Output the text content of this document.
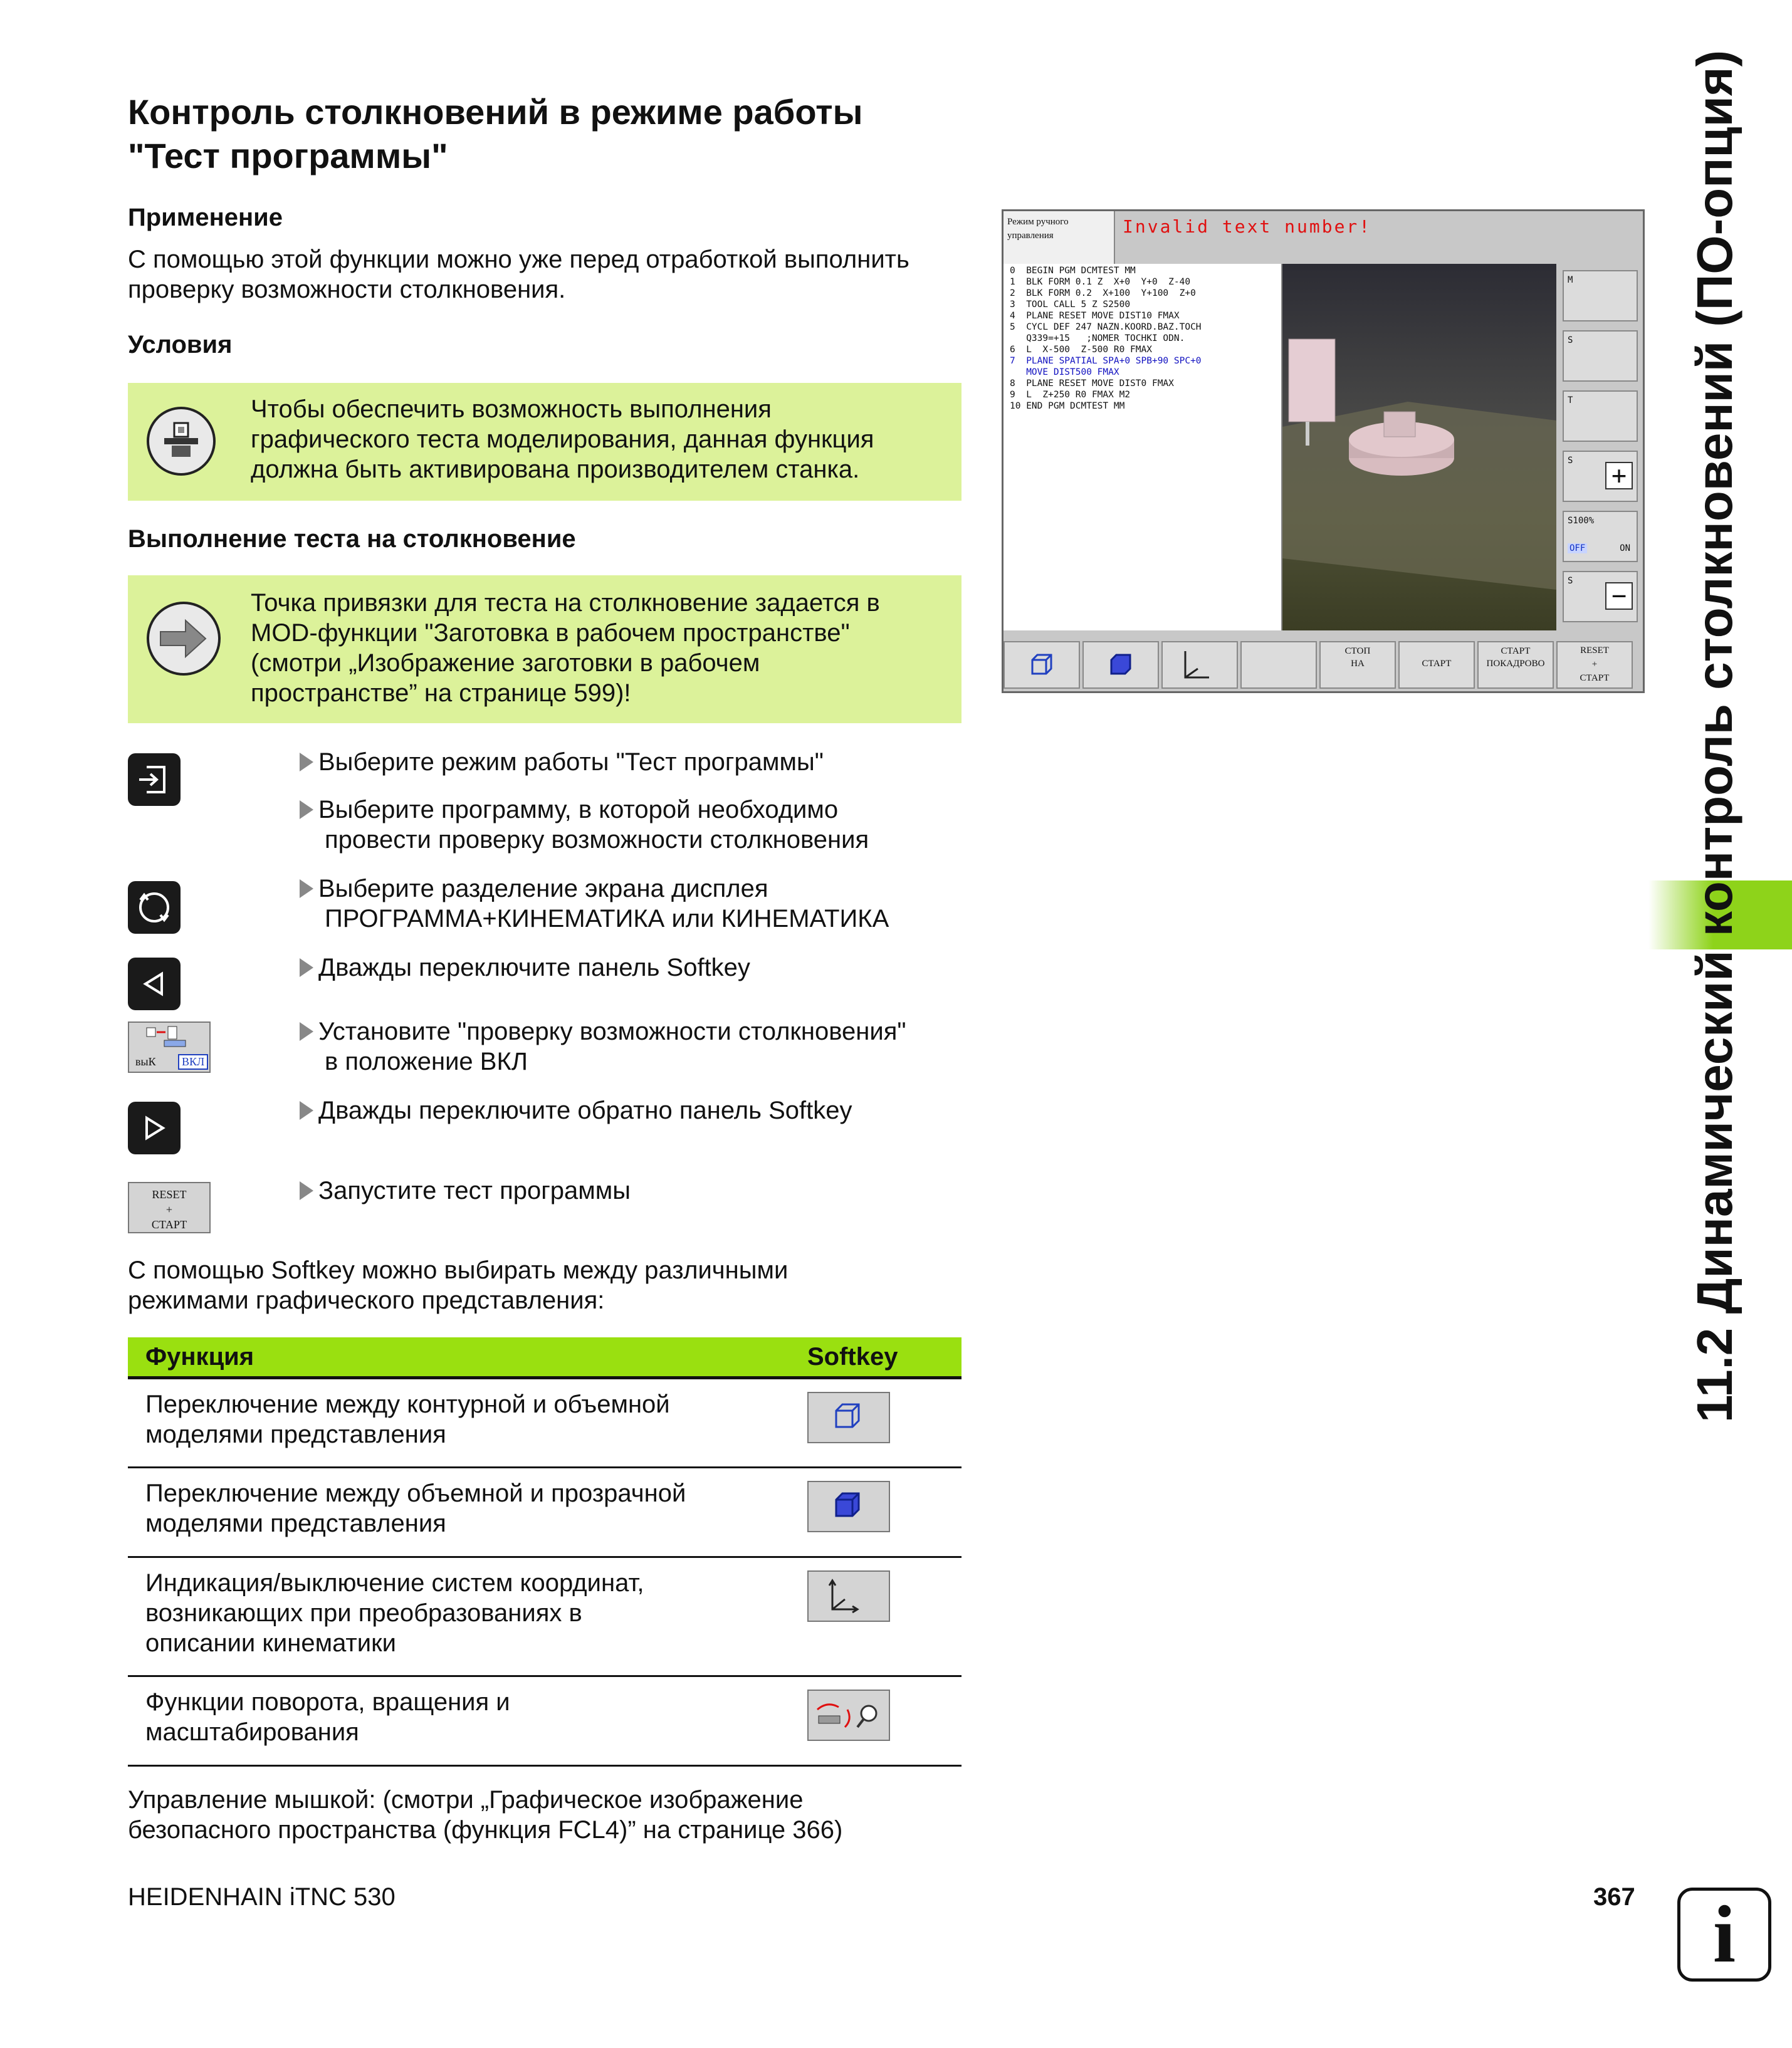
Контроль столкновений в режиме работы
"Тест программы"
Применение
С помощью этой функции можно уже перед отработкой выполнить
проверку возможности столкновения.
Условия
Чтобы обеспечить возможность выполнения
графического теста моделирования, данная функция
должна быть активирована производителем станка.
Выполнение теста на столкновение
Точка привязки для теста на столкновение задается в
MOD-функции "Заготовка в рабочем пространстве"
(смотри „Изображение заготовки в рабочем
пространстве” на странице 599)!
выК	ВКЛ
RESET
+
СТАРТ
Выберите режим работы "Тест программы"
Выберите программу, в которой необходимо
провести проверку возможности столкновения
Выберите разделение экрана дисплея
ПРОГРАММА+КИНЕМАТИКА или КИНЕМАТИКА
Дважды переключите панель Softkey
Установите "проверку возможности столкновения"
в положение ВКЛ
Дважды переключите обратно панель Softkey
Запустите тест программы
С помощью Softkey можно выбирать между различными
режимами графического представления:
Функция	Softkey
Переключение между контурной и объемной
моделями представления	

Переключение между объемной и прозрачной
моделями представления	

Индикация/выключение систем координат,
возникающих при преобразованиях в
описании кинематики	

Функции поворота, вращения и
масштабирования	
Управление мышкой: (смотри „Графическое изображение
безопасного пространства (функция FCL4)” на странице 366)
HEIDENHAIN iTNC 530	367
11.2 Динамический контроль столкновений (ПО-опция)
i
Режим ручного
управления	Invalid text number!
0  BEGIN PGM DCMTEST MM
1  BLK FORM 0.1 Z  X+0  Y+0  Z-40
2  BLK FORM 0.2  X+100  Y+100  Z+0
3  TOOL CALL 5 Z S2500
4  PLANE RESET MOVE DIST10 FMAX
5  CYCL DEF 247 NAZN.KOORD.BAZ.TOCH
Q339=+15   ;NOMER TOCHKI ODN.
6  L  X-500  Z-500 R0 FMAX
7  PLANE SPATIAL SPA+0 SPB+90 SPC+0
MOVE DIST500 FMAX
8  PLANE RESET MOVE DIST0 FMAX
9  L  Z+250 R0 FMAX M2
10 END PGM DCMTEST MM
M
S
T
S
+
S100%
OFF	ON
S
−
СТОП
НА	СТАРТ
СТАРТ
ПОКАДРОВО
RESET
+
СТАРТ
